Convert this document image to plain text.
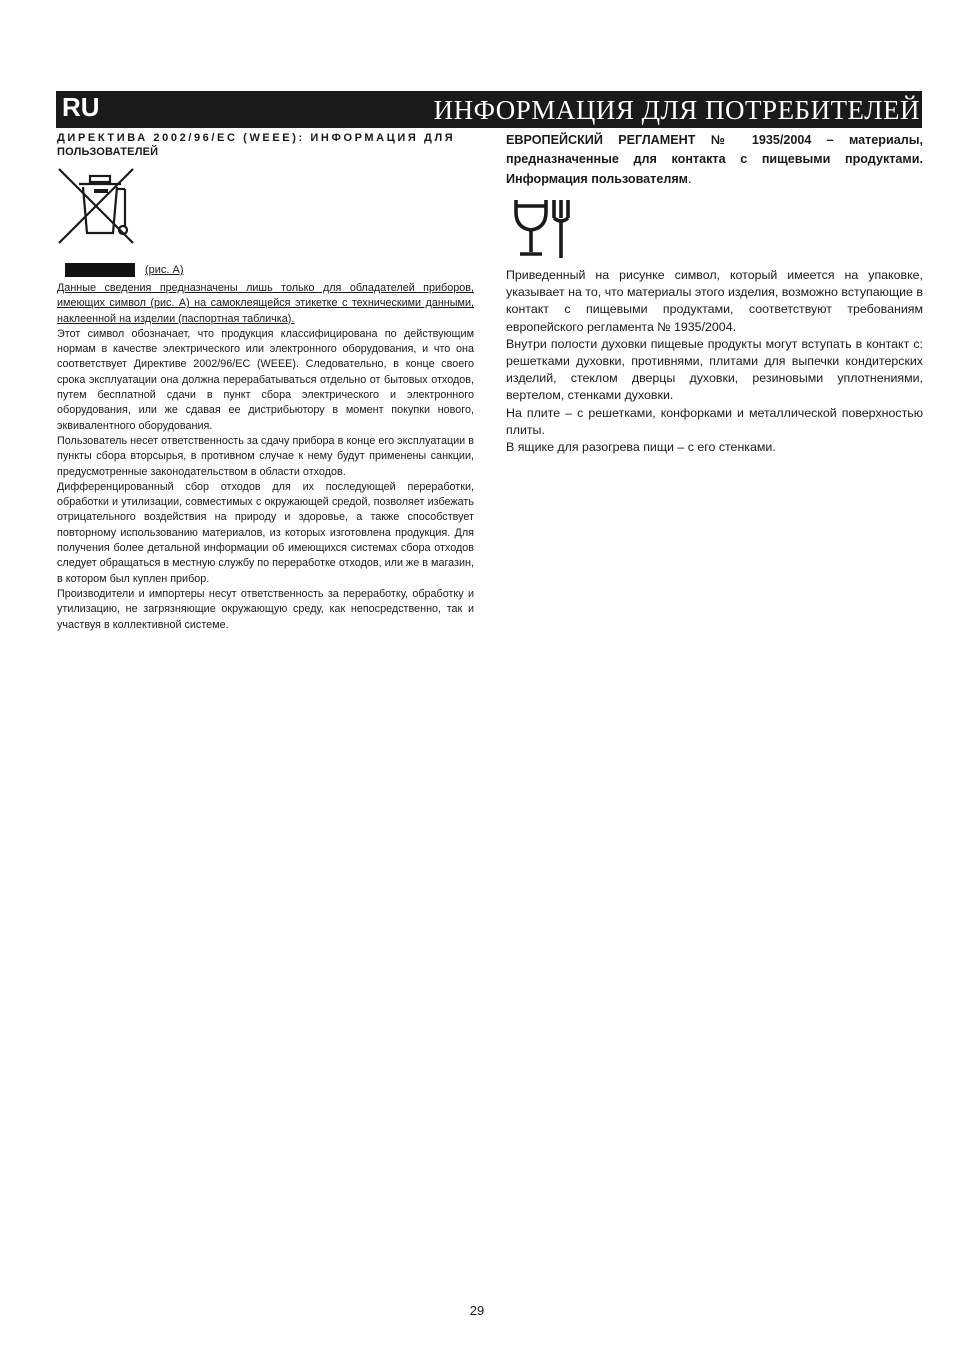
RU	ИНФОРМАЦИЯ ДЛЯ ПОТРЕБИТЕЛЕЙ

ДИРЕКТИВА 2002/96/ЕС (WEEE): ИНФОРМАЦИЯ ДЛЯ
ПОЛЬЗОВАТЕЛЕЙ

(рис. А)

Данные сведения предназначены лишь только для обладателей приборов, имеющих символ (рис. А) на самоклеящейся этикетке с техническими данными, наклеенной на изделии (паспортная табличка).

Этот символ обозначает, что продукция классифицирована по действующим нормам в качестве электрического или электронного оборудования, и что она соответствует Директиве 2002/96/ЕС (WEEE). Следовательно, в конце своего срока эксплуатации она должна перерабатываться отдельно от бытовых отходов, путем бесплатной сдачи в пункт сбора электрического и электронного оборудования, или же сдавая ее дистрибьютору в момент покупки нового, эквивалентного оборудования.

Пользователь несет ответственность за сдачу прибора в конце его эксплуатации в пункты сбора вторсырья, в противном случае к нему будут применены санкции, предусмотренные законодательством в области отходов.

Дифференцированный сбор отходов для их последующей переработки, обработки и утилизации, совместимых с окружающей средой, позволяет избежать отрицательного воздействия на природу и здоровье, а также способствует повторному использованию материалов, из которых изготовлена продукция. Для получения более детальной информации об имеющихся системах сбора отходов следует обращаться в местную службу по переработке отходов, или же в магазин, в котором был куплен прибор.

Производители и импортеры несут ответственность за переработку, обработку и утилизацию, не загрязняющие окружающую среду, как непосредственно, так и участвуя в коллективной системе.

ЕВРОПЕЙСКИЙ РЕГЛАМЕНТ № 1935/2004 – материалы, предназначенные для контакта с пищевыми продуктами. Информация пользователям.

Приведенный на рисунке символ, который имеется на упаковке, указывает на то, что материалы этого изделия, возможно вступающие в контакт с пищевыми продуктами, соответствуют требованиям европейского регламента № 1935/2004.

Внутри полости духовки пищевые продукты могут вступать в контакт с: решетками духовки, противнями, плитами для выпечки кондитерских изделий, стеклом дверцы духовки, резиновыми уплотнениями, вертелом, стенками духовки.

На плите – с решетками, конфорками и металлической поверхностью плиты.

В ящике для разогрева пищи – с его стенками.

29
